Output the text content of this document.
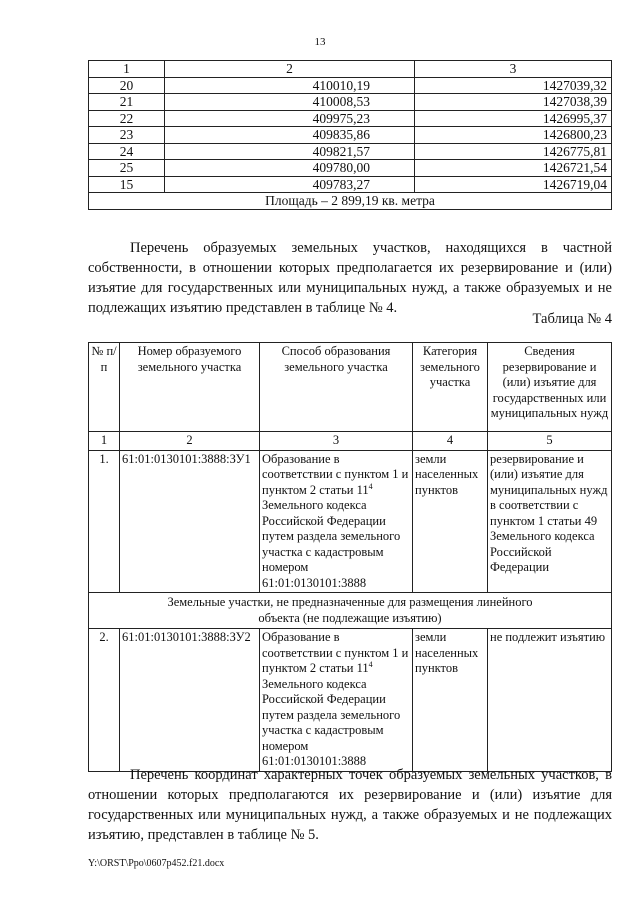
13
1	2	3
20	410010,19	1427039,32
21	410008,53	1427038,39
22	409975,23	1426995,37
23	409835,86	1426800,23
24	409821,57	1426775,81
25	409780,00	1426721,54
15	409783,27	1426719,04
Площадь – 2 899,19 кв. метра		
Перечень образуемых земельных участков, находящихся в частной собственности, в отношении которых предполагается их резервирование и (или) изъятие для государственных или муниципальных нужд, а также образуемых и не подлежащих изъятию представлен в таблице № 4.
Таблица № 4
№ п/п	Номер образуемого земельного участка	Способ образования земельного участка	Категория земельного участка	Сведения резервирование и (или) изъятие для государственных или муниципальных нужд
1	2	3	4	5
1.	61:01:0130101:3888:ЗУ1	Образование в соответствии с пунктом 1 и пунктом 2 статьи $11^4$ Земельного кодекса Российской Федерации путем раздела земельного участка с кадастровым номером 61:01:0130101:3888	земли населенных пунктов	резервирование и (или) изъятие для муниципальных нужд в соответствии с пунктом 1 статьи 49 Земельного кодекса Российской Федерации
Земельные участки, не предназначенные для размещения линейного объекта (не подлежащие изъятию)				
2.	61:01:0130101:3888:ЗУ2	Образование в соответствии с пунктом 1 и пунктом 2 статьи $11^4$ Земельного кодекса Российской Федерации путем раздела земельного участка с кадастровым номером 61:01:0130101:3888	земли населенных пунктов	не подлежит изъятию
Перечень координат характерных точек образуемых земельных участков, в отношении которых предполагаются их резервирование и (или) изъятие для государственных или муниципальных нужд, а также образуемых и не подлежащих изъятию, представлен в таблице № 5.
Y:\ORST\Ppo\0607p452.f21.docx
